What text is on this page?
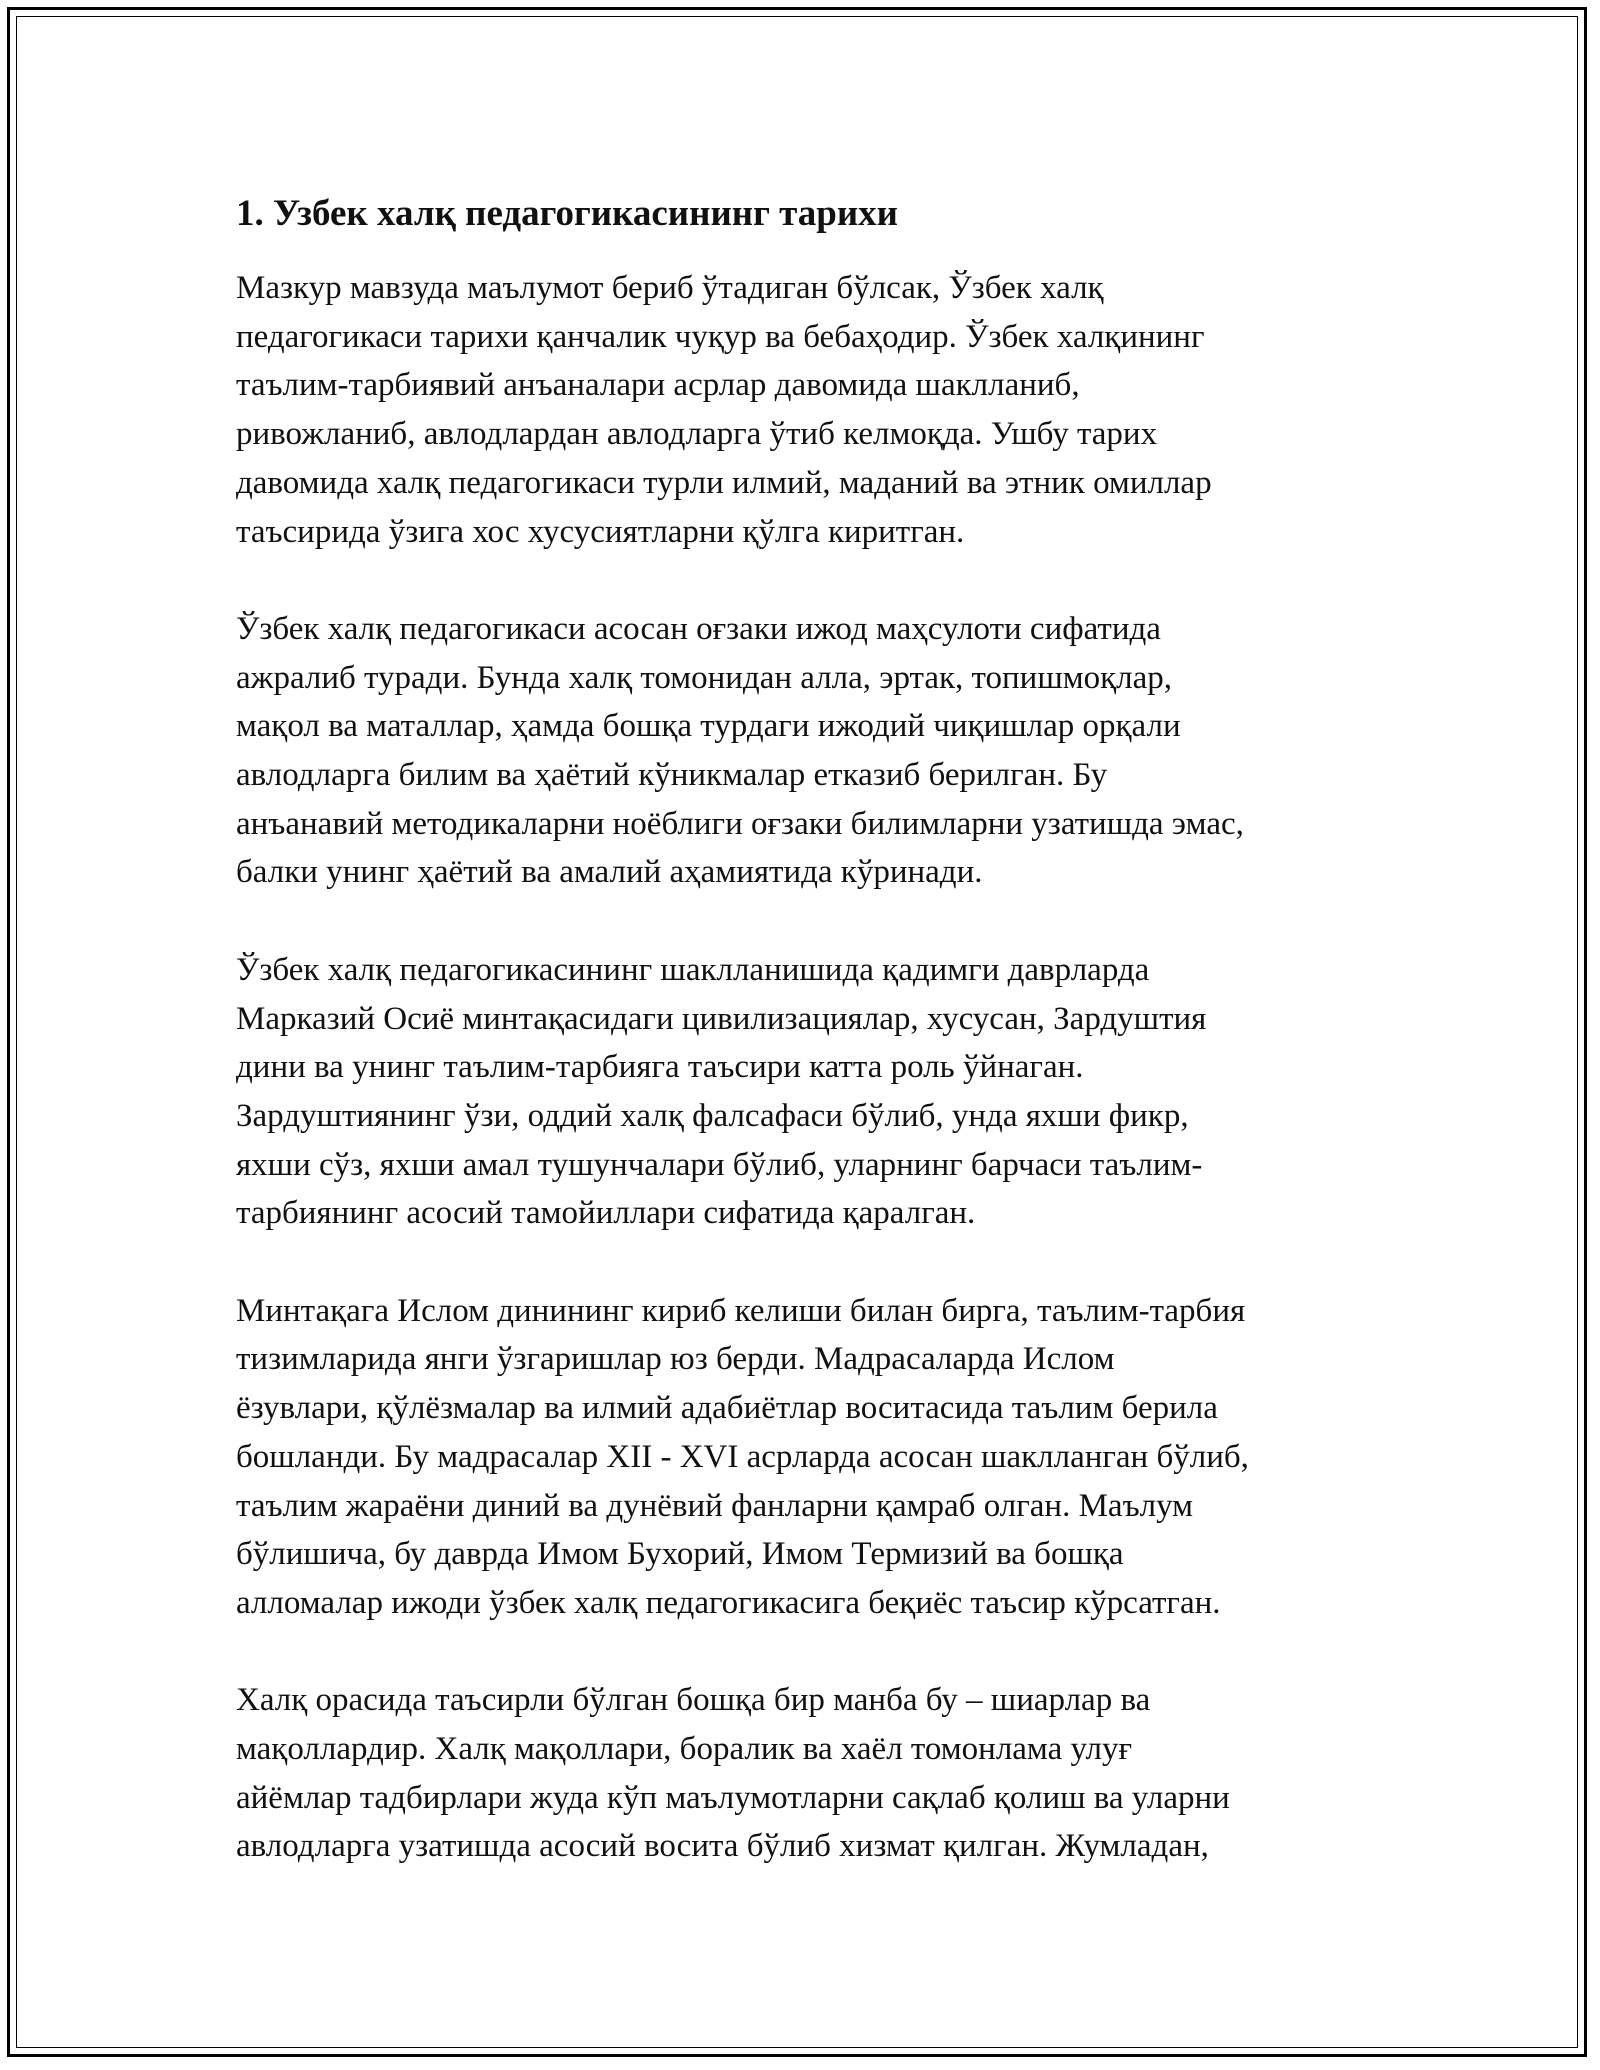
1. Узбек халқ педагогикасининг тарихи
Мазкур мавзуда маълумот бериб ўтадиган бўлсак, Ўзбек халқ
педагогикаси тарихи қанчалик чуқур ва бебаҳодир. Ўзбек халқининг
таълим-тарбиявий анъаналари асрлар давомида шаклланиб,
ривожланиб, авлодлардан авлодларга ўтиб келмоқда. Ушбу тарих
давомида халқ педагогикаси турли илмий, маданий ва этник омиллар
таъсирида ўзига хос хусусиятларни қўлга киритган.
Ўзбек халқ педагогикаси асосан оғзаки ижод маҳсулоти сифатида
ажралиб туради. Бунда халқ томонидан алла, эртак, топишмоқлар,
мақол ва маталлар, ҳамда бошқа турдаги ижодий чиқишлар орқали
авлодларга билим ва ҳаётий кўникмалар етказиб берилган. Бу
анъанавий методикаларни ноёблиги оғзаки билимларни узатишда эмас,
балки унинг ҳаётий ва амалий аҳамиятида кўринади.
Ўзбек халқ педагогикасининг шаклланишида қадимги даврларда
Марказий Осиё минтақасидаги цивилизациялар, хусусан, Зардуштия
дини ва унинг таълим-тарбияга таъсири катта роль ўйнаган.
Зардуштиянинг ўзи, оддий халқ фалсафаси бўлиб, унда яхши фикр,
яхши сўз, яхши амал тушунчалари бўлиб, уларнинг барчаси таълим-
тарбиянинг асосий тамойиллари сифатида қаралган.
Минтақага Ислом динининг кириб келиши билан бирга, таълим-тарбия
тизимларида янги ўзгаришлар юз берди. Мадрасаларда Ислом
ёзувлари, қўлёзмалар ва илмий адабиётлар воситасида таълим берила
бошланди. Бу мадрасалар XII - XVI асрларда асосан шаклланган бўлиб,
таълим жараёни диний ва дунёвий фанларни қамраб олган. Маълум
бўлишича, бу даврда Имом Бухорий, Имом Термизий ва бошқа
алломалар ижоди ўзбек халқ педагогикасига беқиёс таъсир кўрсатган.
Халқ орасида таъсирли бўлган бошқа бир манба бу – шиарлар ва
мақоллардир. Халқ мақоллари, боралик ва хаёл томонлама улуғ
айёмлар тадбирлари жуда кўп маълумотларни сақлаб қолиш ва уларни
авлодларга узатишда асосий восита бўлиб хизмат қилган. Жумладан,
